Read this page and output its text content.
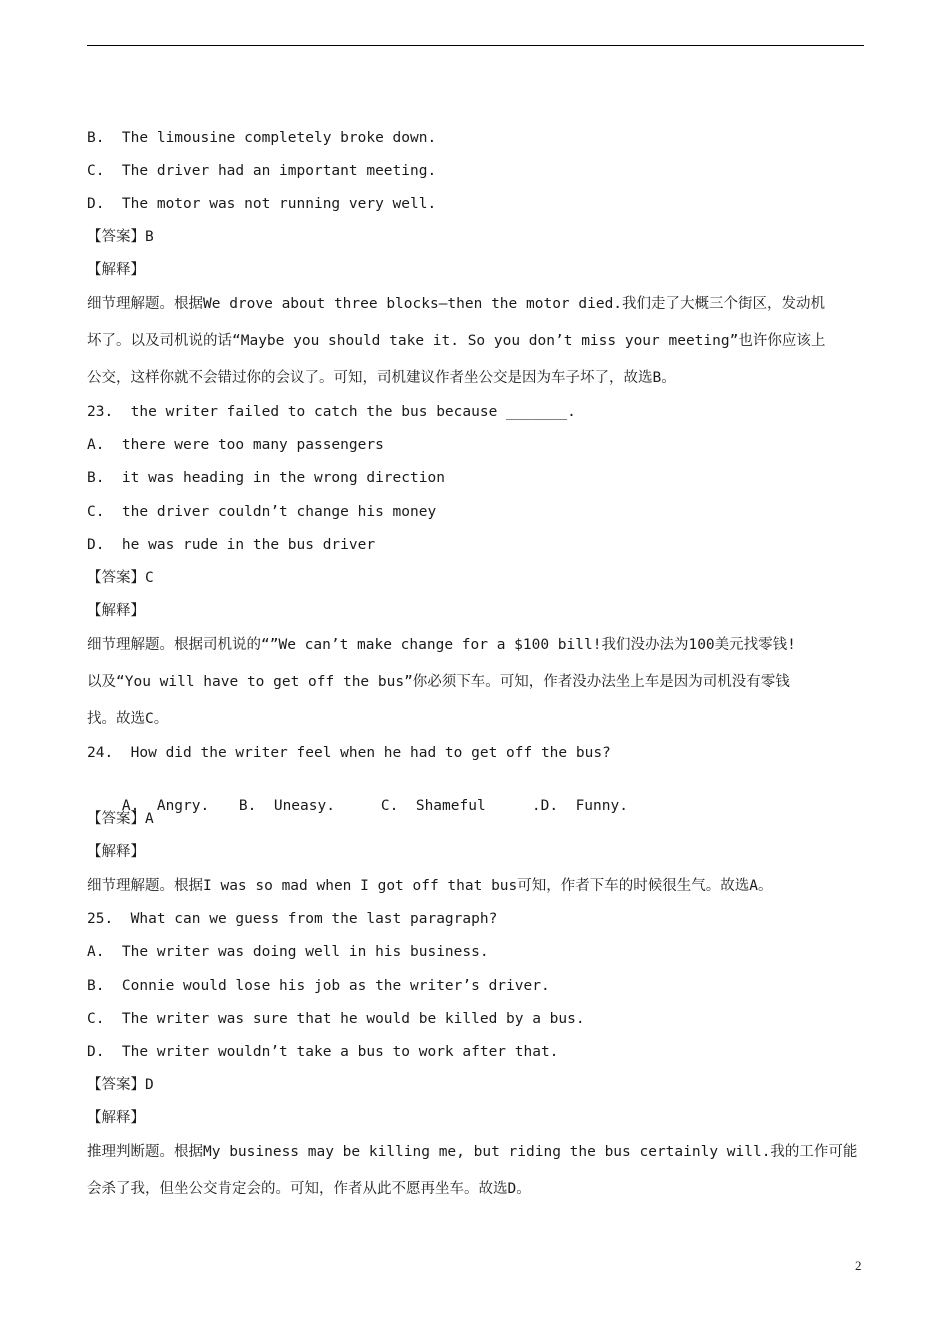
B.  The limousine completely broke down.
C.  The driver had an important meeting.
D.  The motor was not running very well.
【答案】B
【解释】
细节理解题。根据We drove about three blocks—then the motor died.我们走了大概三个街区，发动机
坏了。以及司机说的话“Maybe you should take it. So you don’t miss your meeting”也许你应该上
公交，这样你就不会错过你的会议了。可知，司机建议作者坐公交是因为车子坏了，故选B。
23.  the writer failed to catch the bus because _______.
A.  there were too many passengers
B.  it was heading in the wrong direction
C.  the driver couldn’t change his money
D.  he was rude in the bus driver
【答案】C
【解释】
细节理解题。根据司机说的“”We can’t make change for a $100 bill!我们没办法为100美元找零钱!
以及“You will have to get off the bus”你必须下车。可知，作者没办法坐上车是因为司机没有零钱
找。故选C。
24.  How did the writer feel when he had to get off the bus?

A.  Angry. B.  Uneasy.	C.  Shameful	.D.  Funny.

【答案】A
【解释】
细节理解题。根据I was so mad when I got off that bus可知，作者下车的时候很生气。故选A。
25.  What can we guess from the last paragraph?
A.  The writer was doing well in his business.
B.  Connie would lose his job as the writer’s driver.
C.  The writer was sure that he would be killed by a bus.
D.  The writer wouldn’t take a bus to work after that.
【答案】D
【解释】
推理判断题。根据My business may be killing me, but riding the bus certainly will.我的工作可能
会杀了我，但坐公交肯定会的。可知，作者从此不愿再坐车。故选D。
2
